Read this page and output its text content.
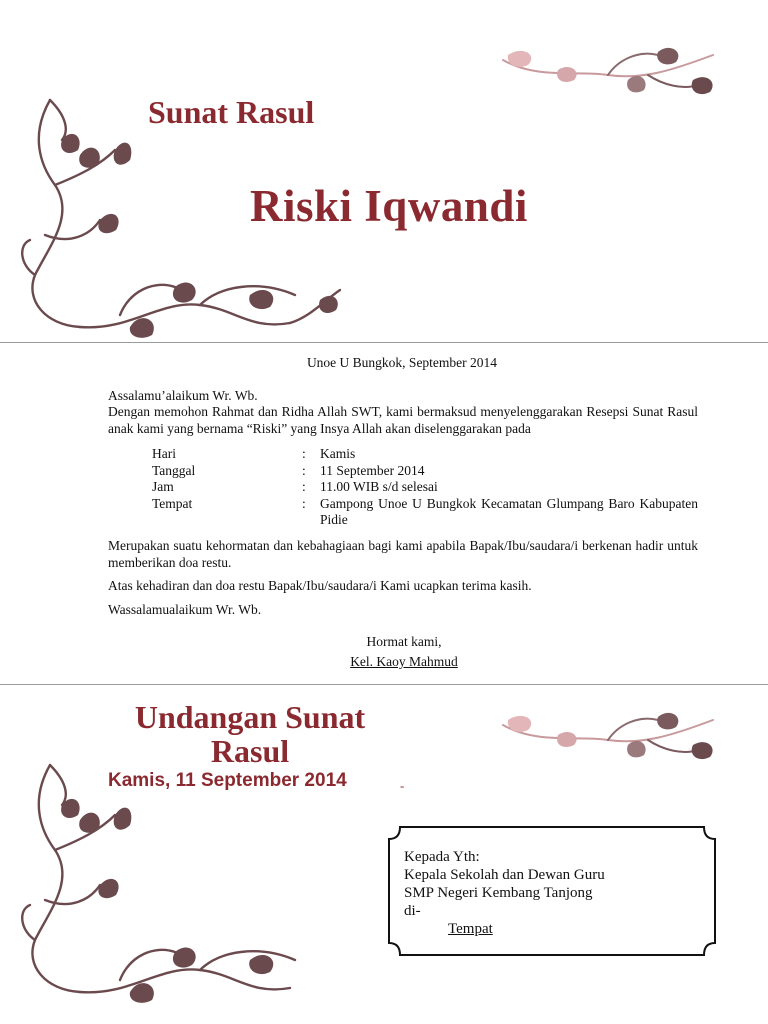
Sunat Rasul
Riski Iqwandi
Unoe U Bungkok, September 2014
Assalamu’alaikum Wr. Wb.
Dengan memohon Rahmat dan Ridha Allah SWT, kami bermaksud menyelenggarakan Resepsi Sunat Rasul anak kami yang bernama “Riski” yang Insya Allah akan diselenggarakan pada
Hari	:	Kamis
Tanggal	:	11 September 2014
Jam	:	11.00 WIB s/d selesai
Tempat	:	Gampong Unoe U Bungkok Kecamatan Glumpang Baro Kabupaten Pidie
Merupakan suatu kehormatan dan kebahagiaan bagi kami apabila Bapak/Ibu/saudara/i berkenan hadir untuk memberikan doa restu.
Atas kehadiran dan doa restu Bapak/Ibu/saudara/i Kami ucapkan terima kasih.
Wassalamualaikum Wr. Wb.
Hormat kami,
Kel. Kaoy Mahmud
Undangan Sunat Rasul
Kamis, 11 September 2014	-
Kepada Yth:
Kepala Sekolah dan Dewan Guru
SMP Negeri Kembang Tanjong
di-
Tempat
